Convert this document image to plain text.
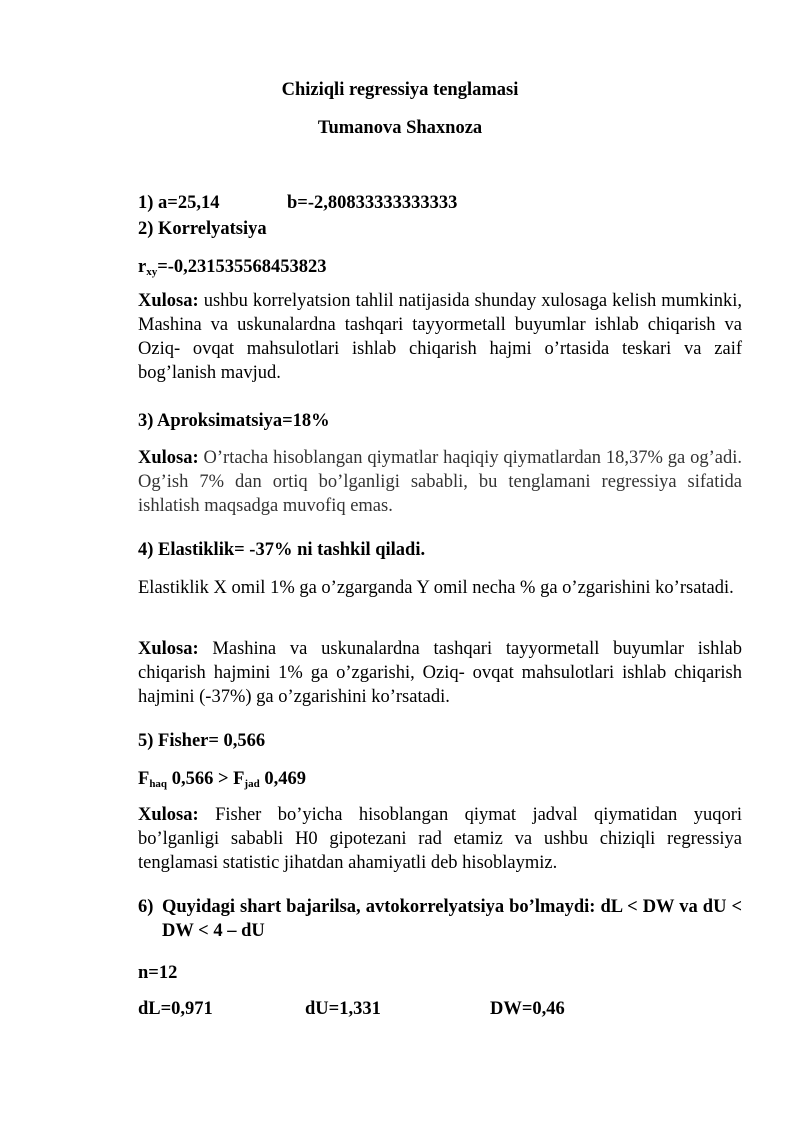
Chiziqli regressiya tenglamasi
Tumanova Shaxnoza
1) a=25,14	b=-2,80833333333333
2) Korrelyatsiya
$r_{xy}=-0,231535568453823$
Xulosa: ushbu korrelyatsion tahlil natijasida shunday xulosaga kelish mumkinki, Mashina va uskunalardna tashqari tayyormetall buyumlar ishlab chiqarish va Oziq- ovqat mahsulotlari ishlab chiqarish hajmi o’rtasida teskari va zaif bog’lanish mavjud.
3) Aproksimatsiya=18%
Xulosa: O’rtacha hisoblangan qiymatlar haqiqiy qiymatlardan 18,37% ga og’adi. Og’ish 7% dan ortiq bo’lganligi sababli, bu tenglamani regressiya sifatida ishlatish maqsadga muvofiq emas.
4) Elastiklik= -37% ni tashkil qiladi.
Elastiklik X omil 1% ga o’zgarganda Y omil necha % ga o’zgarishini ko’rsatadi.
Xulosa: Mashina va uskunalardna tashqari tayyormetall buyumlar ishlab chiqarish hajmini 1% ga o’zgarishi, Oziq- ovqat mahsulotlari ishlab chiqarish hajmini (-37%) ga o’zgarishini ko’rsatadi.
5) Fisher= 0,566
$F_{haq}$ $0,566 > F_{jad}$ 0,469
Xulosa: Fisher bo’yicha hisoblangan qiymat jadval qiymatidan yuqori bo’lganligi sababli H0 gipotezani rad etamiz va ushbu chiziqli regressiya tenglamasi statistic jihatdan ahamiyatli deb hisoblaymiz.
6) Quyidagi shart bajarilsa, avtokorrelyatsiya bo’lmaydi: dL < DW va dU < DW < 4 – dU
n=12
dL=0,971	dU=1,331	DW=0,46
